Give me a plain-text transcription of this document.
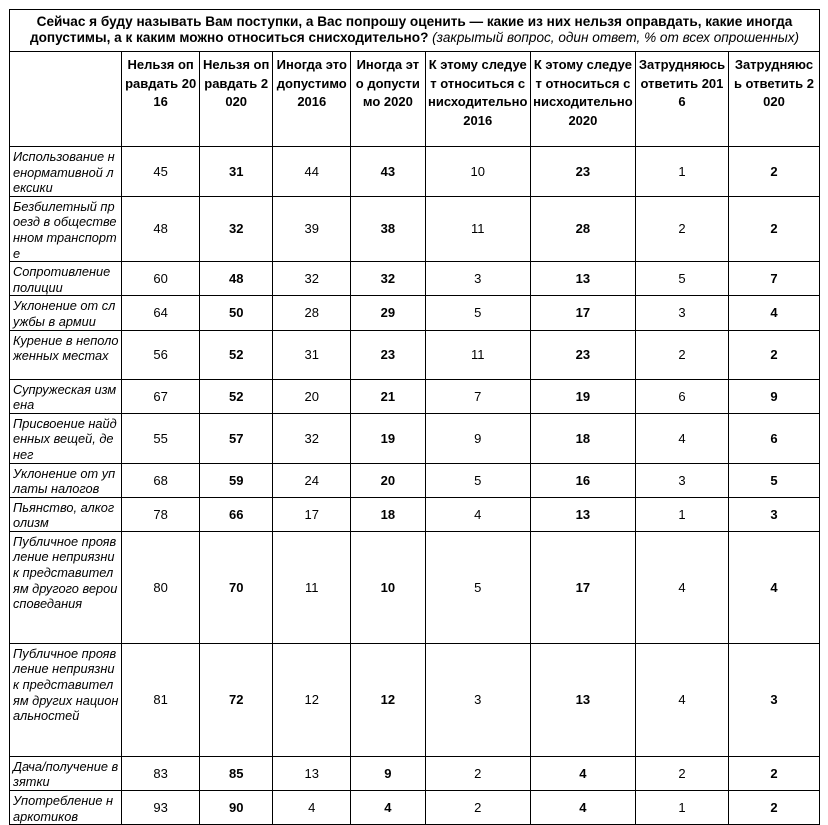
Сейчас я буду называть Вам поступки, а Вас попрошу оценить — какие из них нельзя оправдать, какие иногда допустимы, а к каким можно относиться снисходительно? (закрытый вопрос, один ответ, % от всех опрошенных)								
	Нельзя оправдать 2016	Нельзя оправдать 2020	Иногда это допустимо 2016	Иногда это допустимо 2020	К этому следует относиться снисходительно 2016	К этому следует относиться снисходительно 2020	Затрудняюсь ответить 2016	Затрудняюсь ответить 2020
Использование ненормативной лексики	45	31	44	43	10	23	1	2
Безбилетный проезд в общественном транспорте	48	32	39	38	11	28	2	2
Сопротивление полиции	60	48	32	32	3	13	5	7
Уклонение от службы в армии	64	50	28	29	5	17	3	4
Курение в неположенных местах	56	52	31	23	11	23	2	2
Супружеская измена	67	52	20	21	7	19	6	9
Присвоение найденных вещей, денег	55	57	32	19	9	18	4	6
Уклонение от уплаты налогов	68	59	24	20	5	16	3	5
Пьянство, алкоголизм	78	66	17	18	4	13	1	3
Публичное проявление неприязни к представителям другого вероисповедания	80	70	11	10	5	17	4	4
Публичное проявление неприязни к представителям других национальностей	81	72	12	12	3	13	4	3
Дача/получение взятки	83	85	13	9	2	4	2	2
Употребление наркотиков	93	90	4	4	2	4	1	2
